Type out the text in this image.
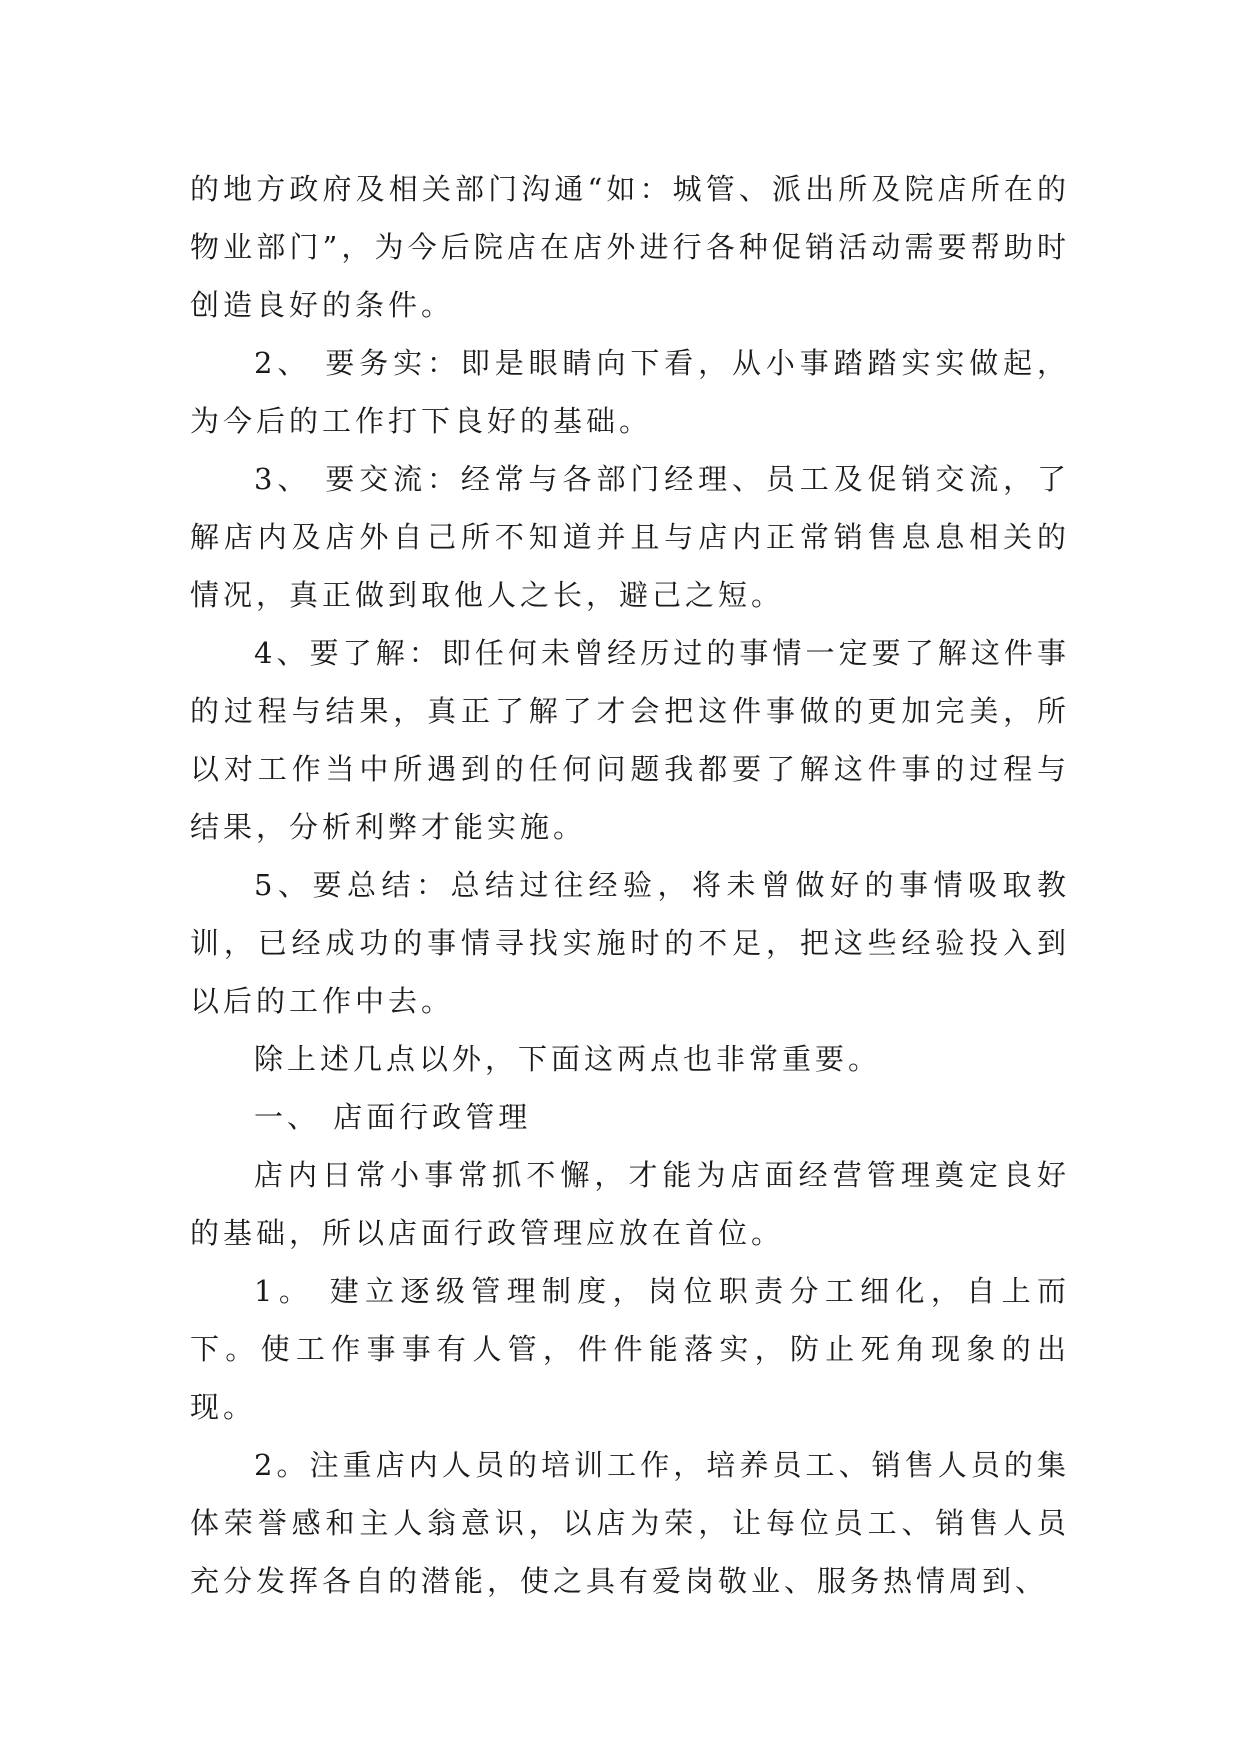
的地方政府及相关部门沟通“如：城管、派出所及院店所在的物业部门”，为今后院店在店外进行各种促销活动需要帮助时创造良好的条件。

2、 要务实：即是眼睛向下看，从小事踏踏实实做起，为今后的工作打下良好的基础。

3、 要交流：经常与各部门经理、员工及促销交流，了解店内及店外自己所不知道并且与店内正常销售息息相关的情况，真正做到取他人之长，避己之短。

4、要了解：即任何未曾经历过的事情一定要了解这件事的过程与结果，真正了解了才会把这件事做的更加完美，所以对工作当中所遇到的任何问题我都要了解这件事的过程与结果，分析利弊才能实施。

5、要总结：总结过往经验，将未曾做好的事情吸取教训，已经成功的事情寻找实施时的不足，把这些经验投入到以后的工作中去。

除上述几点以外，下面这两点也非常重要。

一、 店面行政管理

店内日常小事常抓不懈，才能为店面经营管理奠定良好的基础，所以店面行政管理应放在首位。

1。 建立逐级管理制度，岗位职责分工细化，自上而下。使工作事事有人管，件件能落实，防止死角现象的出现。

2。注重店内人员的培训工作，培养员工、销售人员的集体荣誉感和主人翁意识，以店为荣，让每位员工、销售人员充分发挥各自的潜能，使之具有爱岗敬业、服务热情周到、
